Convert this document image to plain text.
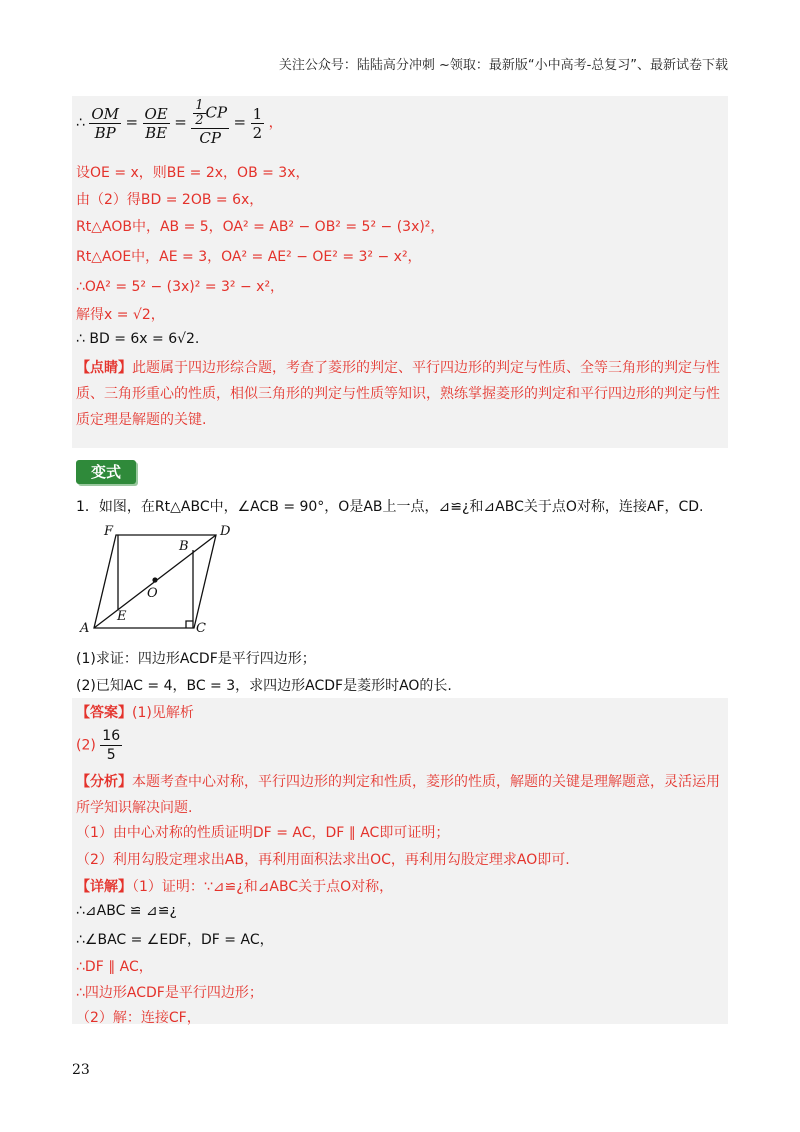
关注公众号：陆陆高分冲刺 ~领取：最新版“小中高考-总复习”、最新试卷下载
∴ $\frac{OM}{BP} = \frac{OE}{BE} = \frac{\frac{1}{2} CP}{CP} = \frac{1}{2}$ ，
设OE = x，则BE = 2x，OB = 3x，
由（2）得BD = 2OB = 6x，
Rt△AOB中，AB = 5，OA² = AB² − OB² = 5² − (3x)²，
Rt△AOE中，AE = 3，OA² = AE² − OE² = 3² − x²，
∴OA² = 5² − (3x)² = 3² − x²，
解得x = √2，
∴ BD = 6x = 6√2.
【点睛】此题属于四边形综合题，考查了菱形的判定、平行四边形的判定与性质、全等三角形的判定与性质、三角形重心的性质，相似三角形的判定与性质等知识，熟练掌握菱形的判定和平行四边形的判定与性质定理是解题的关键.
变式
1．如图，在Rt△ABC中，∠ACB = 90°，O是AB上一点，⊿≌¿和⊿ABC关于点O对称，连接AF，CD.
F	D
B
O
E
A	C
(1)求证：四边形ACDF是平行四边形；
(2)已知AC = 4，BC = 3，求四边形ACDF是菱形时AO的长.
【答案】(1)见解析
$(2) \frac{16}{5}$
【分析】本题考查中心对称，平行四边形的判定和性质，菱形的性质，解题的关键是理解题意，灵活运用所学知识解决问题.
（1）由中心对称的性质证明DF = AC，DF ∥ AC即可证明；
（2）利用勾股定理求出AB，再利用面积法求出OC，再利用勾股定理求AO即可.
【详解】（1）证明：∵⊿≌¿和⊿ABC关于点O对称，
∴⊿ABC ≌ ⊿≌¿
∴∠BAC = ∠EDF，DF = AC，
∴DF ∥ AC，
∴四边形ACDF是平行四边形；
（2）解：连接CF，
23
